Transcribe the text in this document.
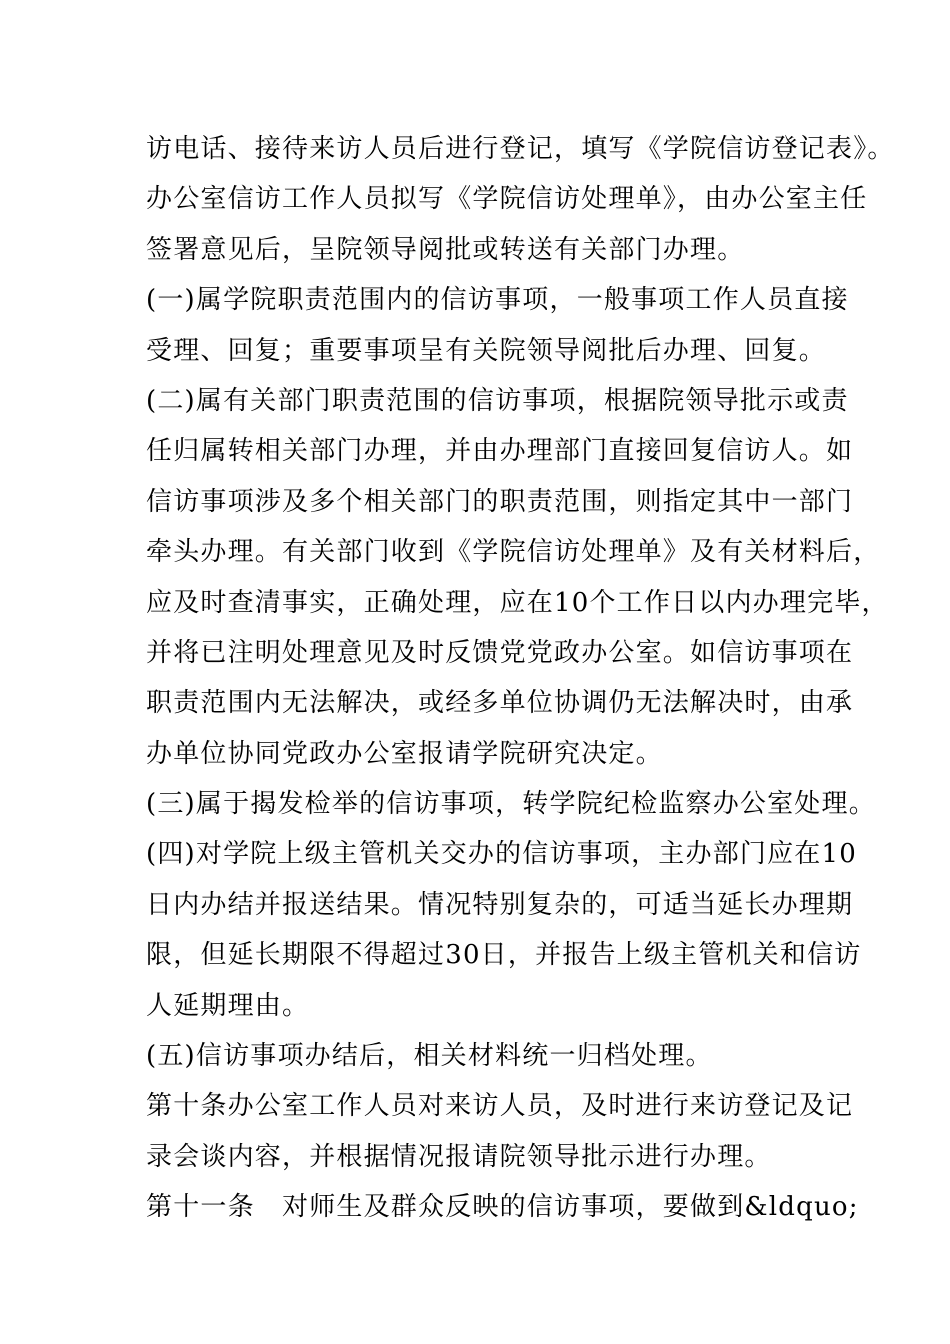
访电话、接待来访人员后进行登记，填写《学院信访登记表》。
办公室信访工作人员拟写《学院信访处理单》，由办公室主任
签署意见后，呈院领导阅批或转送有关部门办理。
(一)属学院职责范围内的信访事项，一般事项工作人员直接
受理、回复；重要事项呈有关院领导阅批后办理、回复。
(二)属有关部门职责范围的信访事项，根据院领导批示或责
任归属转相关部门办理，并由办理部门直接回复信访人。如
信访事项涉及多个相关部门的职责范围，则指定其中一部门
牵头办理。有关部门收到《学院信访处理单》及有关材料后，
应及时查清事实，正确处理，应在10个工作日以内办理完毕，
并将已注明处理意见及时反馈党党政办公室。如信访事项在
职责范围内无法解决，或经多单位协调仍无法解决时，由承
办单位协同党政办公室报请学院研究决定。
(三)属于揭发检举的信访事项，转学院纪检监察办公室处理。
(四)对学院上级主管机关交办的信访事项，主办部门应在10
日内办结并报送结果。情况特别复杂的，可适当延长办理期
限，但延长期限不得超过30日，并报告上级主管机关和信访
人延期理由。
(五)信访事项办结后，相关材料统一归档处理。
第十条办公室工作人员对来访人员，及时进行来访登记及记
录会谈内容，并根据情况报请院领导批示进行办理。
第十一条　对师生及群众反映的信访事项，要做到&ldquo;
